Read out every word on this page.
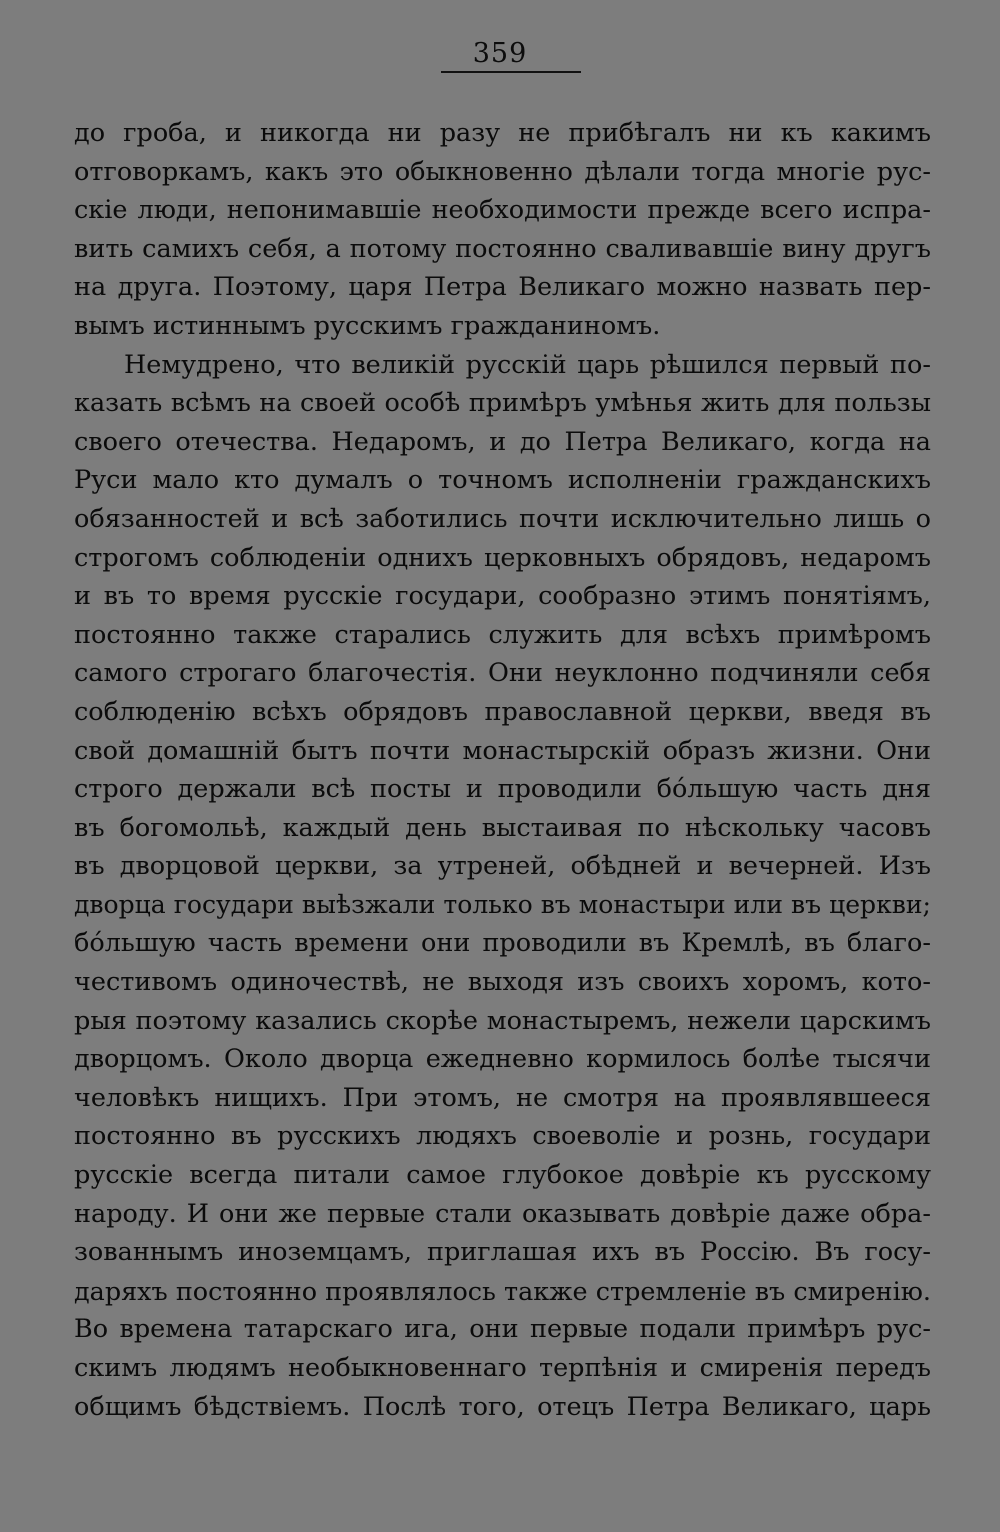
359
до гроба, и никогда ни разу не прибѣгалъ ни къ какимъ
отговоркамъ, какъ это обыкновенно дѣлали тогда многіе рус-
скіе люди, непонимавшіе необходимости прежде всего испра-
вить самихъ себя, а потому постоянно сваливавшіе вину другъ
на друга. Поэтому, царя Петра Великаго можно назвать пер-
вымъ истиннымъ русскимъ гражданиномъ.
Немудрено, что великій русскій царь рѣшился первый по-
казать всѣмъ на своей особѣ примѣръ умѣнья жить для пользы
своего отечества. Недаромъ, и до Петра Великаго, когда на
Руси мало кто думалъ о точномъ исполненіи гражданскихъ
обязанностей и всѣ заботились почти исключительно лишь о
строгомъ соблюденіи однихъ церковныхъ обрядовъ, недаромъ
и въ то время русскіе государи, сообразно этимъ понятіямъ,
постоянно также старались служить для всѣхъ примѣромъ
самого строгаго благочестія. Они неуклонно подчиняли себя
соблюденію всѣхъ обрядовъ православной церкви, введя въ
свой домашній бытъ почти монастырскій образъ жизни. Они
строго держали всѣ посты и проводили бо́льшую часть дня
въ богомольѣ, каждый день выстаивая по нѣскольку часовъ
въ дворцовой церкви, за утреней, обѣдней и вечерней. Изъ
дворца государи выѣзжали только въ монастыри или въ церкви;
бо́льшую часть времени они проводили въ Кремлѣ, въ благо-
честивомъ одиночествѣ, не выходя изъ своихъ хоромъ, кото-
рыя поэтому казались скорѣе монастыремъ, нежели царскимъ
дворцомъ. Около дворца ежедневно кормилось болѣе тысячи
человѣкъ нищихъ. При этомъ, не смотря на проявлявшееся
постоянно въ русскихъ людяхъ своеволіе и рознь, государи
русскіе всегда питали самое глубокое довѣріе къ русскому
народу. И они же первые стали оказывать довѣріе даже обра-
зованнымъ иноземцамъ, приглашая ихъ въ Россію. Въ госу-
даряхъ постоянно проявлялось также стремленіе въ смиренію.
Во времена татарскаго ига, они первые подали примѣръ рус-
скимъ людямъ необыкновеннаго терпѣнія и смиренія передъ
общимъ бѣдствіемъ. Послѣ того, отецъ Петра Великаго, царь
